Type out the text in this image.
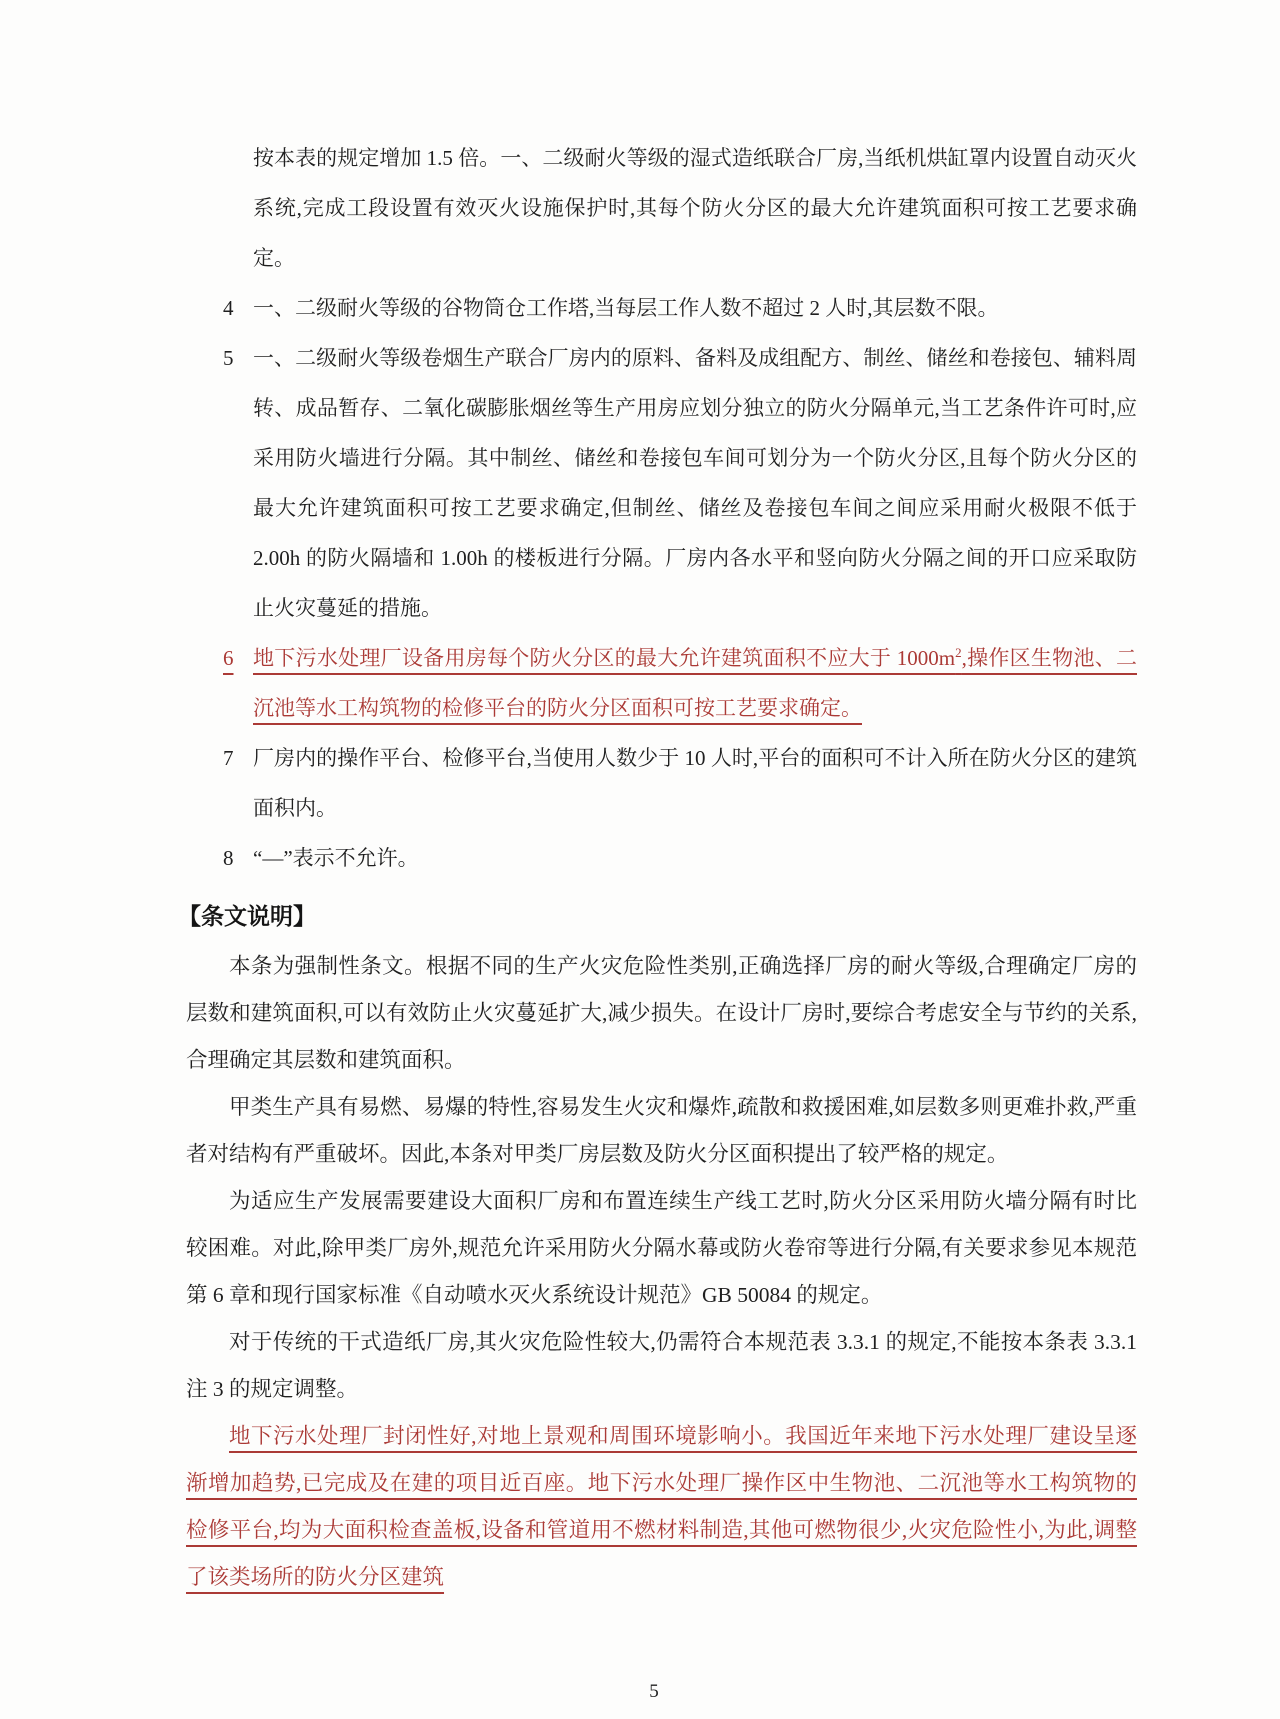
按本表的规定增加 1.5 倍。一、二级耐火等级的湿式造纸联合厂房,当纸机烘缸罩内设置自动灭火系统,完成工段设置有效灭火设施保护时,其每个防火分区的最大允许建筑面积可按工艺要求确定。
4 一、二级耐火等级的谷物筒仓工作塔,当每层工作人数不超过 2 人时,其层数不限。
5 一、二级耐火等级卷烟生产联合厂房内的原料、备料及成组配方、制丝、储丝和卷接包、辅料周转、成品暂存、二氧化碳膨胀烟丝等生产用房应划分独立的防火分隔单元,当工艺条件许可时,应采用防火墙进行分隔。其中制丝、储丝和卷接包车间可划分为一个防火分区,且每个防火分区的最大允许建筑面积可按工艺要求确定,但制丝、储丝及卷接包车间之间应采用耐火极限不低于 2.00h 的防火隔墙和 1.00h 的楼板进行分隔。厂房内各水平和竖向防火分隔之间的开口应采取防止火灾蔓延的措施。
6 地下污水处理厂设备用房每个防火分区的最大允许建筑面积不应大于 $1000m^2$,操作区生物池、二沉池等水工构筑物的检修平台的防火分区面积可按工艺要求确定。
7 厂房内的操作平台、检修平台,当使用人数少于 10 人时,平台的面积可不计入所在防火分区的建筑面积内。
8 “—”表示不允许。
【条文说明】

本条为强制性条文。根据不同的生产火灾危险性类别,正确选择厂房的耐火等级,合理确定厂房的层数和建筑面积,可以有效防止火灾蔓延扩大,减少损失。在设计厂房时,要综合考虑安全与节约的关系,合理确定其层数和建筑面积。

甲类生产具有易燃、易爆的特性,容易发生火灾和爆炸,疏散和救援困难,如层数多则更难扑救,严重者对结构有严重破坏。因此,本条对甲类厂房层数及防火分区面积提出了较严格的规定。

为适应生产发展需要建设大面积厂房和布置连续生产线工艺时,防火分区采用防火墙分隔有时比较困难。对此,除甲类厂房外,规范允许采用防火分隔水幕或防火卷帘等进行分隔,有关要求参见本规范第 6 章和现行国家标准《自动喷水灭火系统设计规范》GB 50084 的规定。

对于传统的干式造纸厂房,其火灾危险性较大,仍需符合本规范表 3.3.1 的规定,不能按本条表 3.3.1 注 3 的规定调整。

地下污水处理厂封闭性好,对地上景观和周围环境影响小。我国近年来地下污水处理厂建设呈逐渐增加趋势,已完成及在建的项目近百座。地下污水处理厂操作区中生物池、二沉池等水工构筑物的检修平台,均为大面积检查盖板,设备和管道用不燃材料制造,其他可燃物很少,火灾危险性小,为此,调整了该类场所的防火分区建筑

5
